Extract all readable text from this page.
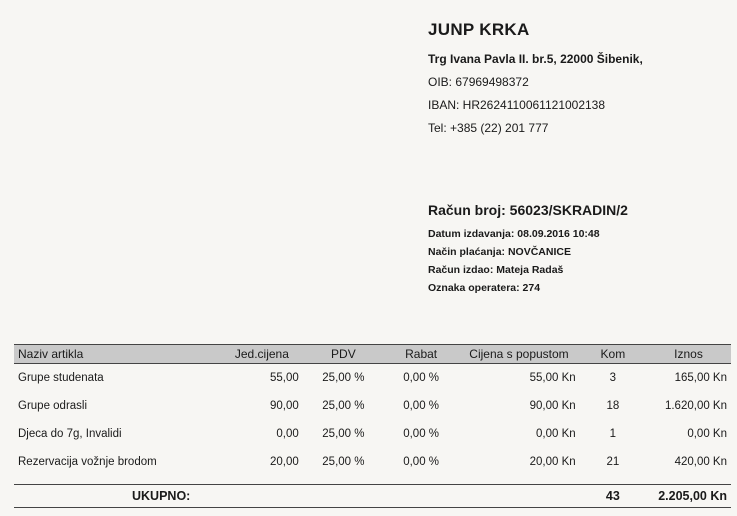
JUNP KRKA
Trg Ivana Pavla II. br.5, 22000 Šibenik,
OIB: 67969498372
IBAN: HR2624110061121002138
Tel: +385 (22) 201 777
Račun broj: 56023/SKRADIN/2
Datum izdavanja: 08.09.2016 10:48
Način plaćanja: NOVČANICE
Račun izdao: Mateja Radaš
Oznaka operatera: 274
Naziv artikla	Jed.cijena	PDV	Rabat	Cijena s popustom	Kom	Iznos
Grupe studenata	55,00	25,00 %	0,00 %	55,00 Kn	3	165,00 Kn
Grupe odrasli	90,00	25,00 %	0,00 %	90,00 Kn	18	1.620,00 Kn
Djeca do 7g, Invalidi	0,00	25,00 %	0,00 %	0,00 Kn	1	0,00 Kn
Rezervacija vožnje brodom	20,00	25,00 %	0,00 %	20,00 Kn	21	420,00 Kn

UKUPNO:					43	2.205,00 Kn
